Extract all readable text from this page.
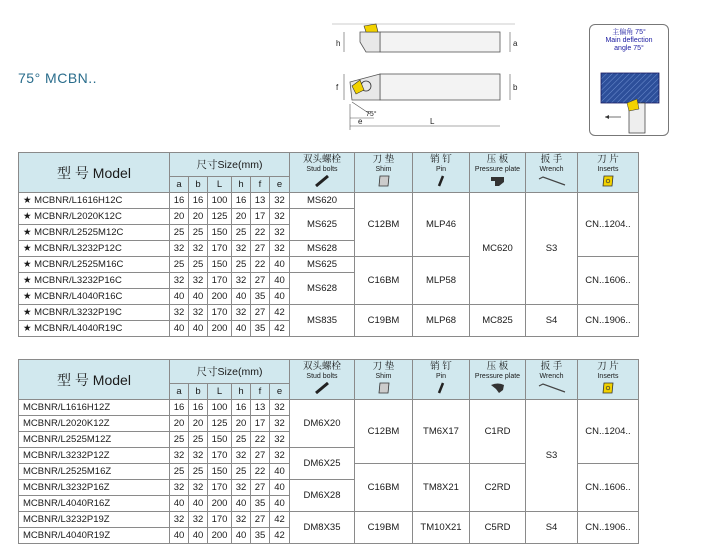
75° MCBN..
h	a
f	b
75°
e	L
主偏角 75°
Main deflection
angle 75°
型 号 Model	尺寸Size(mm)						双头螺栓
Stud bolts	刀 垫
Shim	销 钉
Pin	压 板
Pressure plate	扳 手
Wrench	刀 片
Inserts

	a	b	L	h	f	e						
★ MCBNR/L1616H12C	16	16	100	16	13	32	MS620	C12BM	MLP46	MC620	S3	CN..1204..
★ MCBNR/L2020K12C	20	20	125	20	17	32	MS625					
★ MCBNR/L2525M12C	25	25	150	25	22	32						
★ MCBNR/L3232P12C	32	32	170	32	27	32	MS628					
★ MCBNR/L2525M16C	25	25	150	25	22	40	MS625	C16BM	MLP58			CN..1606..
★ MCBNR/L3232P16C	32	32	170	32	27	40	MS628					
★ MCBNR/L4040R16C	40	40	200	40	35	40						
★ MCBNR/L3232P19C	32	32	170	32	27	42	MS835	C19BM	MLP68	MC825	S4	CN..1906..
★ MCBNR/L4040R19C	40	40	200	40	35	42						
型 号 Model	尺寸Size(mm)						双头螺栓
Stud bolts	刀 垫
Shim	销 钉
Pin	压 板
Pressure plate	扳 手
Wrench	刀 片
Inserts

	a	b	L	h	f	e						
MCBNR/L1616H12Z	16	16	100	16	13	32	DM6X20	C12BM	TM6X17	C1RD	S3	CN..1204..
MCBNR/L2020K12Z	20	20	125	20	17	32						
MCBNR/L2525M12Z	25	25	150	25	22	32						
MCBNR/L3232P12Z	32	32	170	32	27	32	DM6X25					
MCBNR/L2525M16Z	25	25	150	25	22	40		C16BM	TM8X21	C2RD		CN..1606..
MCBNR/L3232P16Z	32	32	170	32	27	40	DM6X28					
MCBNR/L4040R16Z	40	40	200	40	35	40						
MCBNR/L3232P19Z	32	32	170	32	27	42	DM8X35	C19BM	TM10X21	C5RD	S4	CN..1906..
MCBNR/L4040R19Z	40	40	200	40	35	42						
